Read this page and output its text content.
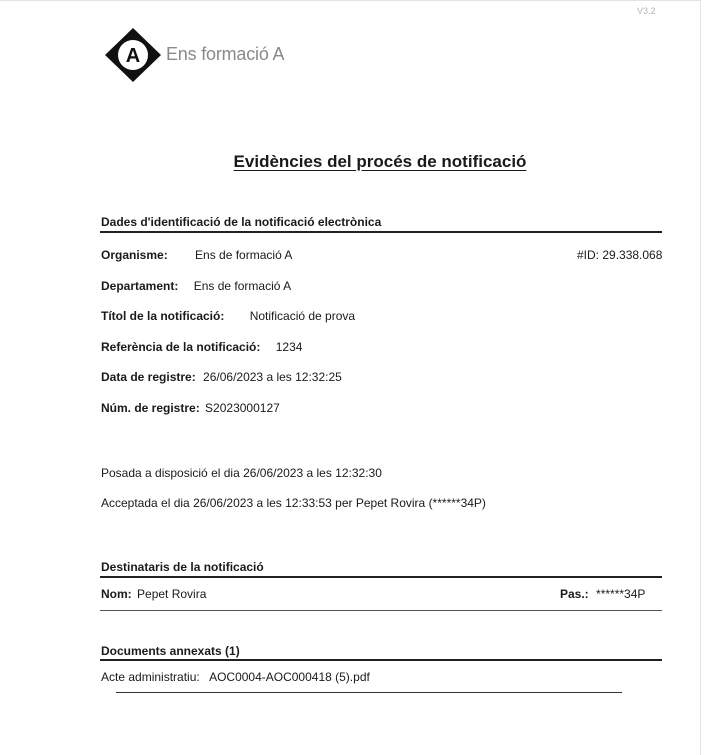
V3.2
A Ens formació A
Evidències del procés de notificació
Dades d'identificació de la notificació electrònica
Organisme: Ens de formació A	#ID: 29.338.068
Departament: Ens de formació A
Títol de la notificació: Notificació de prova
Referència de la notificació: 1234
Data de registre: 26/06/2023 a les 12:32:25
Núm. de registre: S2023000127
Posada a disposició el dia 26/06/2023 a les 12:32:30
Acceptada el dia 26/06/2023 a les 12:33:53 per Pepet Rovira (******34P)
Destinataris de la notificació
Nom: Pepet Rovira	Pas.: ******34P
Documents annexats (1)
Acte administratiu: AOC0004-AOC000418 (5).pdf
